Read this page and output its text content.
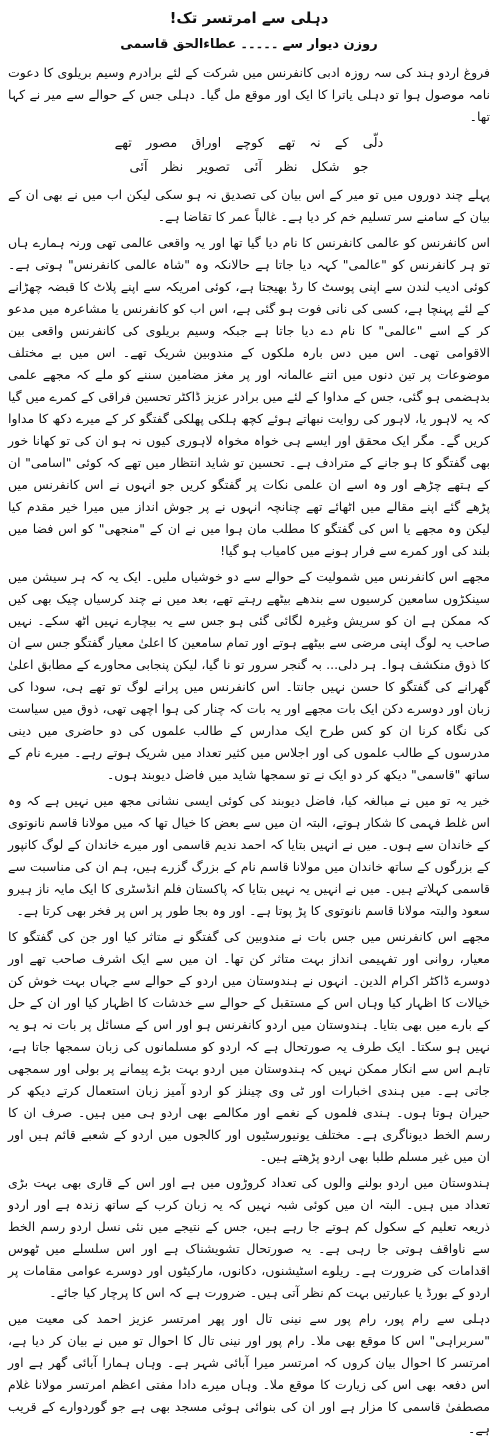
دہلی سے امرتسر تک!
روزن دیوار سے۔۔۔۔۔عطاءالحق قاسمی

فروغ اردو ہند کی سہ روزہ ادبی کانفرنس میں شرکت کے لئے برادرم وسیم بریلوی کا دعوت نامہ موصول ہوا تو دہلی یاترا کا ایک اور موقع مل گیا۔ دہلی جس کے حوالے سے میر نے کہا تھا۔

دلّی کے نہ تھے کوچے اوراق مصور تھے
جو شکل نظر آئی تصویر نظر آئی

پہلے چند دوروں میں تو میر کے اس بیان کی تصدیق نہ ہو سکی لیکن اب میں نے بھی ان کے بیان کے سامنے سر تسلیم خم کر دیا ہے۔ غالباً عمر کا تقاضا ہے۔

اس کانفرنس کو عالمی کانفرنس کا نام دیا گیا تھا اور یہ واقعی عالمی تھی ورنہ ہمارے ہاں تو ہر کانفرنس کو "عالمی" کہہ دیا جاتا ہے حالانکہ وہ "شاہ عالمی کانفرنس" ہوتی ہے۔ کوئی ادیب لندن سے اپنی پوسٹ کا رڈ بھیجتا ہے، کوئی امریکہ سے اپنے پلاٹ کا قبضہ چھڑانے کے لئے پہنچا ہے، کسی کی نانی فوت ہو گئی ہے، اس اب کو کانفرنس یا مشاعرہ میں مدعو کر کے اسے "عالمی" کا نام دے دیا جاتا ہے جبکہ وسیم بریلوی کی کانفرنس واقعی بین الاقوامی تھی۔ اس میں دس بارہ ملکوں کے مندوبین شریک تھے۔ اس میں بے مختلف موضوعات پر تین دنوں میں اتنے عالمانہ اور پر مغز مضامین سننے کو ملے کہ مجھے علمی بدہضمی ہو گئی، جس کے مداوا کے لئے میں برادر عزیز ڈاکٹر تحسین فراقی کے کمرے میں گیا کہ یہ لاہور یا، لاہور کی روایت نبھاتے ہوئے کچھ ہلکی پھلکی گفتگو کر کے میرے دکھ کا مداوا کریں گے۔ مگر ایک محقق اور ایسے ہی خواہ مخواہ لاہوری کیوں نہ ہو ان کی تو کھانا خور بھی گفتگو کا ہو جانے کے مترادف ہے۔ تحسین تو شاید انتظار میں تھے کہ کوئی "اسامی" ان کے ہتھے چڑھے اور وہ اسے ان علمی نکات پر گفتگو کریں جو انہوں نے اس کانفرنس میں پڑھے گئے اپنے مقالے میں اٹھائے تھے چنانچہ انہوں نے پر جوش انداز میں میرا خیر مقدم کیا لیکن وہ مجھے یا اس کی گفتگو کا مطلب مان ہوا میں نے ان کے "منجھی" کو اس فضا میں بلند کی اور کمرے سے فرار ہونے میں کامیاب ہو گیا!

مجھے اس کانفرنس میں شمولیت کے حوالے سے دو خوشیاں ملیں۔ ایک یہ کہ ہر سیشن میں سینکڑوں سامعین کرسیوں سے بندھے بیٹھے رہتے تھے، بعد میں نے چند کرسیاں چیک بھی کیں کہ ممکن ہے ان کو سریش وغیرہ لگائی گئی ہو جس سے یہ بیچارے نہیں اٹھ سکے۔ نہیں صاحب یہ لوگ اپنی مرضی سے بیٹھے ہوتے اور تمام سامعین کا اعلیٰ معیار گفتگو جس سے ان کا ذوق منکشف ہوا۔ ہر دلی... بہ گنجر سرور تو نا گیا، لیکن پنجابی محاورے کے مطابق اعلیٰ گھرانے کی گفتگو کا حسن نہیں جانتا۔ اس کانفرنس میں پرانے لوگ تو تھے ہی، سودا کی زبان اور دوسرے دکن ایک بات مجھے اور یہ بات کہ چنار کی ہوا اچھی تھی، ذوق میں سیاست کی نگاہ کرنا ان کو کس طرح ایک مدارس کے طالب علموں کی دو حاضری میں دینی مدرسوں کے طالب علموں کی اور اجلاس میں کثیر تعداد میں شریک ہوتے رہے۔ میرے نام کے ساتھ "قاسمی" دیکھ کر دو ایک نے تو سمجھا شاید میں فاضل دیوبند ہوں۔

خیر یہ تو میں نے مبالغہ کیا، فاضل دیوبند کی کوئی ایسی نشانی مجھ میں نہیں ہے کہ وہ اس غلط فہمی کا شکار ہوتے، البتہ ان میں سے بعض کا خیال تھا کہ میں مولانا قاسم نانوتوی کے خاندان سے ہوں۔ میں نے انہیں بتایا کہ احمد ندیم قاسمی اور میرے خاندان کے لوگ کانپور کے بزرگوں کے ساتھ خاندان میں مولانا قاسم نام کے بزرگ گزرے ہیں، ہم ان کی مناسبت سے قاسمی کہلاتے ہیں۔ میں نے انہیں یہ نہیں بتایا کہ پاکستان فلم انڈسٹری کا ایک مایہ ناز ہیرو سعود والبتہ مولانا قاسم نانوتوی کا پڑ پوتا ہے۔ اور وہ بجا طور پر اس پر فخر بھی کرتا ہے۔

مجھے اس کانفرنس میں جس بات نے مندوبین کی گفتگو نے متاثر کیا اور جن کی گفتگو کا معیار، روانی اور تفہیمی انداز بہت متاثر کن تھا۔ ان میں سے ایک اشرف صاحب تھے اور دوسرے ڈاکٹر اکرام الدین۔ انہوں نے ہندوستان میں اردو کے حوالے سے جہاں بہت خوش کن خیالات کا اظہار کیا وہاں اس کے مستقبل کے حوالے سے خدشات کا اظہار کیا اور ان کے حل کے بارے میں بھی بتایا۔ ہندوستان میں اردو کانفرنس ہو اور اس کے مسائل پر بات نہ ہو یہ نہیں ہو سکتا۔ ایک طرف یہ صورتحال ہے کہ اردو کو مسلمانوں کی زبان سمجھا جاتا ہے، تاہم اس سے انکار ممکن نہیں کہ ہندوستان میں اردو بہت بڑے پیمانے پر بولی اور سمجھی جاتی ہے۔ میں ہندی اخبارات اور ٹی وی چینلز کو اردو آمیز زبان استعمال کرتے دیکھ کر حیران ہوتا ہوں۔ ہندی فلموں کے نغمے اور مکالمے بھی اردو ہی میں ہیں۔ صرف ان کا رسم الخط دیوناگری ہے۔ مختلف یونیورسٹیوں اور کالجوں میں اردو کے شعبے قائم ہیں اور ان میں غیر مسلم طلبا بھی اردو پڑھتے ہیں۔

ہندوستان میں اردو بولنے والوں کی تعداد کروڑوں میں ہے اور اس کے قاری بھی بہت بڑی تعداد میں ہیں۔ البتہ ان میں کوئی شبہ نہیں کہ یہ زبان کرب کے ساتھ زندہ ہے اور اردو ذریعہ تعلیم کے سکول کم ہوتے جا رہے ہیں، جس کے نتیجے میں نئی نسل اردو رسم الخط سے ناواقف ہوتی جا رہی ہے۔ یہ صورتحال تشویشناک ہے اور اس سلسلے میں ٹھوس اقدامات کی ضرورت ہے۔ ریلوے اسٹیشنوں، دکانوں، مارکیٹوں اور دوسرے عوامی مقامات پر اردو کے بورڈ یا عبارتیں بہت کم نظر آتی ہیں۔ ضرورت ہے کہ اس کا پرچار کیا جائے۔

دہلی سے رام پور، رام پور سے نینی تال اور پھر امرتسر عزیز احمد کی معیت میں "سربراہی" اس کا موقع بھی ملا۔ رام پور اور نینی تال کا احوال تو میں نے بیان کر دیا ہے، امرتسر کا احوال بیان کروں کہ امرتسر میرا آبائی شہر ہے۔ وہاں ہمارا آبائی گھر ہے اور اس دفعہ بھی اس کی زیارت کا موقع ملا۔ وہاں میرے دادا مفتی اعظم امرتسر مولانا غلام مصطفیٰ قاسمی کا مزار ہے اور ان کی بنوائی ہوئی مسجد بھی ہے جو گوردوارے کے قریب ہے۔
